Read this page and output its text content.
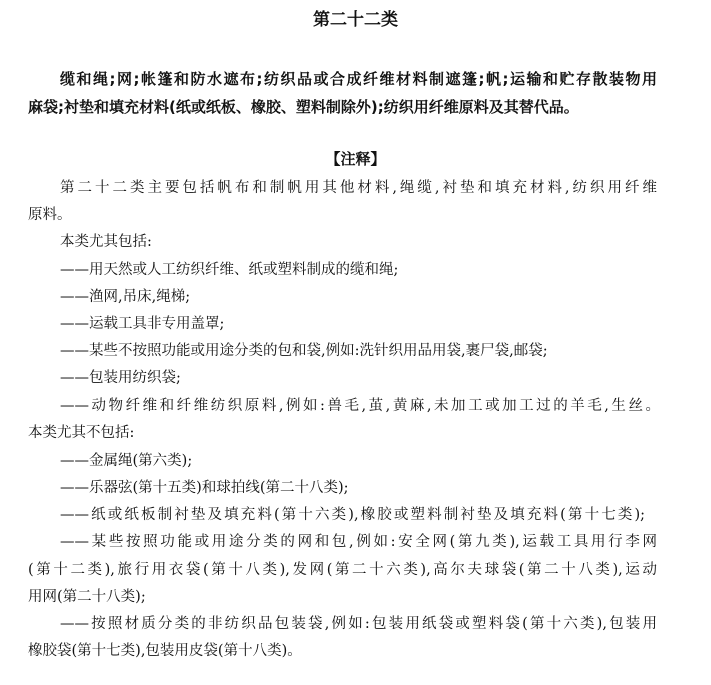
第二十二类
缆和绳;网;帐篷和防水遮布;纺织品或合成纤维材料制遮篷;帆;运输和贮存散装物用
麻袋;衬垫和填充材料(纸或纸板、橡胶、塑料制除外);纺织用纤维原料及其替代品。
【注释】
第二十二类主要包括帆布和制帆用其他材料,绳缆,衬垫和填充材料,纺织用纤维
原料。
本类尤其包括:
——用天然或人工纺织纤维、纸或塑料制成的缆和绳;
——渔网,吊床,绳梯;
——运载工具非专用盖罩;
——某些不按照功能或用途分类的包和袋,例如:洗针织用品用袋,裹尸袋,邮袋;
——包装用纺织袋;
——动物纤维和纤维纺织原料,例如:兽毛,茧,黄麻,未加工或加工过的羊毛,生丝。
本类尤其不包括:
——金属绳(第六类);
——乐器弦(第十五类)和球拍线(第二十八类);
——纸或纸板制衬垫及填充料(第十六类),橡胶或塑料制衬垫及填充料(第十七类);
——某些按照功能或用途分类的网和包,例如:安全网(第九类),运载工具用行李网
(第十二类),旅行用衣袋(第十八类),发网(第二十六类),高尔夫球袋(第二十八类),运动
用网(第二十八类);
——按照材质分类的非纺织品包装袋,例如:包装用纸袋或塑料袋(第十六类),包装用
橡胶袋(第十七类),包装用皮袋(第十八类)。
